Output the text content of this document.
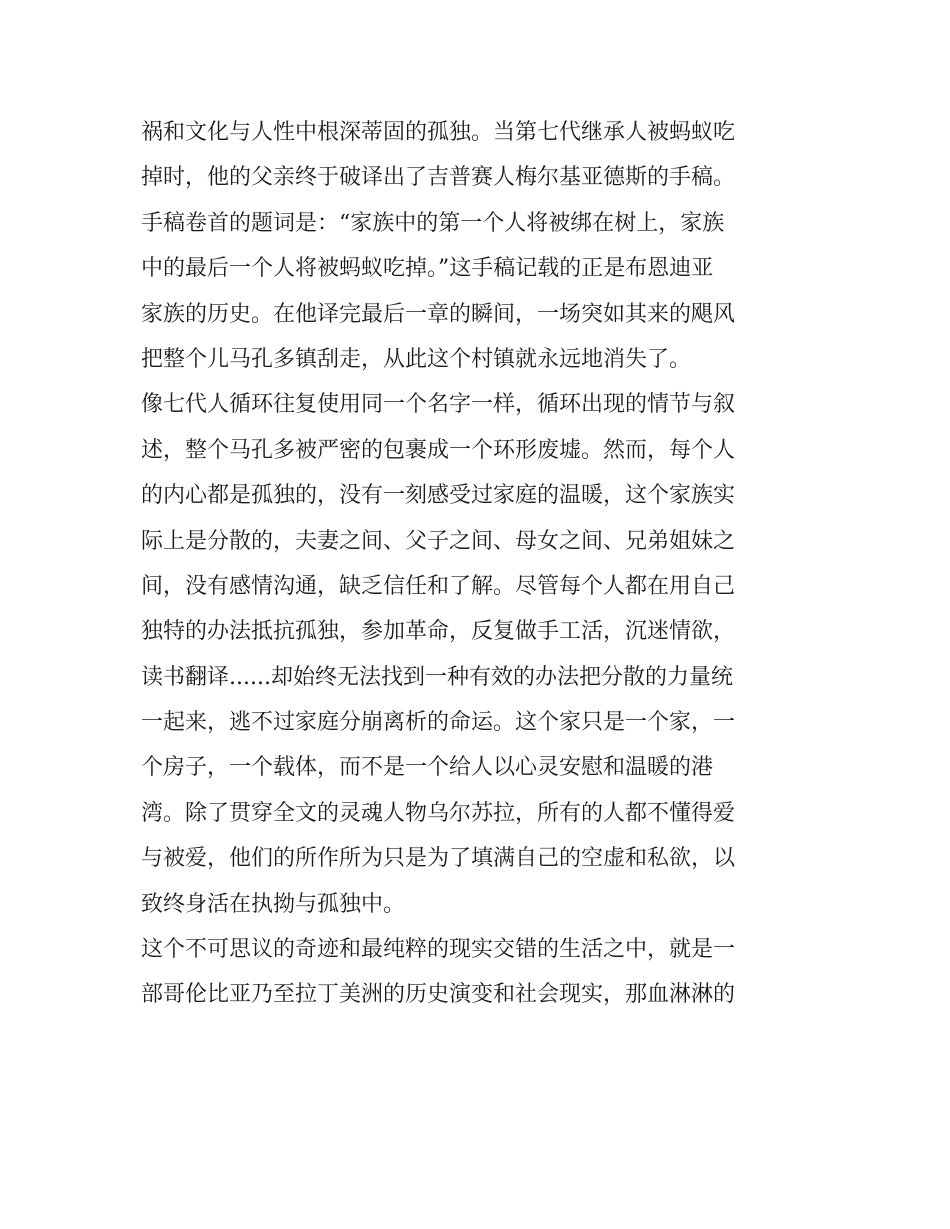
祸和文化与人性中根深蒂固的孤独。当第七代继承人被蚂蚁吃
掉时，他的父亲终于破译出了吉普赛人梅尔基亚德斯的手稿。
手稿卷首的题词是：“家族中的第一个人将被绑在树上，家族
中的最后一个人将被蚂蚁吃掉。”这手稿记载的正是布恩迪亚
家族的历史。在他译完最后一章的瞬间，一场突如其来的飓风
把整个儿马孔多镇刮走，从此这个村镇就永远地消失了。
像七代人循环往复使用同一个名字一样，循环出现的情节与叙
述，整个马孔多被严密的包裹成一个环形废墟。然而，每个人
的内心都是孤独的，没有一刻感受过家庭的温暖，这个家族实
际上是分散的，夫妻之间、父子之间、母女之间、兄弟姐妹之
间，没有感情沟通，缺乏信任和了解。尽管每个人都在用自己
独特的办法抵抗孤独，参加革命，反复做手工活，沉迷情欲，
读书翻译......却始终无法找到一种有效的办法把分散的力量统
一起来，逃不过家庭分崩离析的命运。这个家只是一个家，一
个房子，一个载体，而不是一个给人以心灵安慰和温暖的港
湾。除了贯穿全文的灵魂人物乌尔苏拉，所有的人都不懂得爱
与被爱，他们的所作所为只是为了填满自己的空虚和私欲，以
致终身活在执拗与孤独中。
这个不可思议的奇迹和最纯粹的现实交错的生活之中，就是一
部哥伦比亚乃至拉丁美洲的历史演变和社会现实，那血淋淋的
